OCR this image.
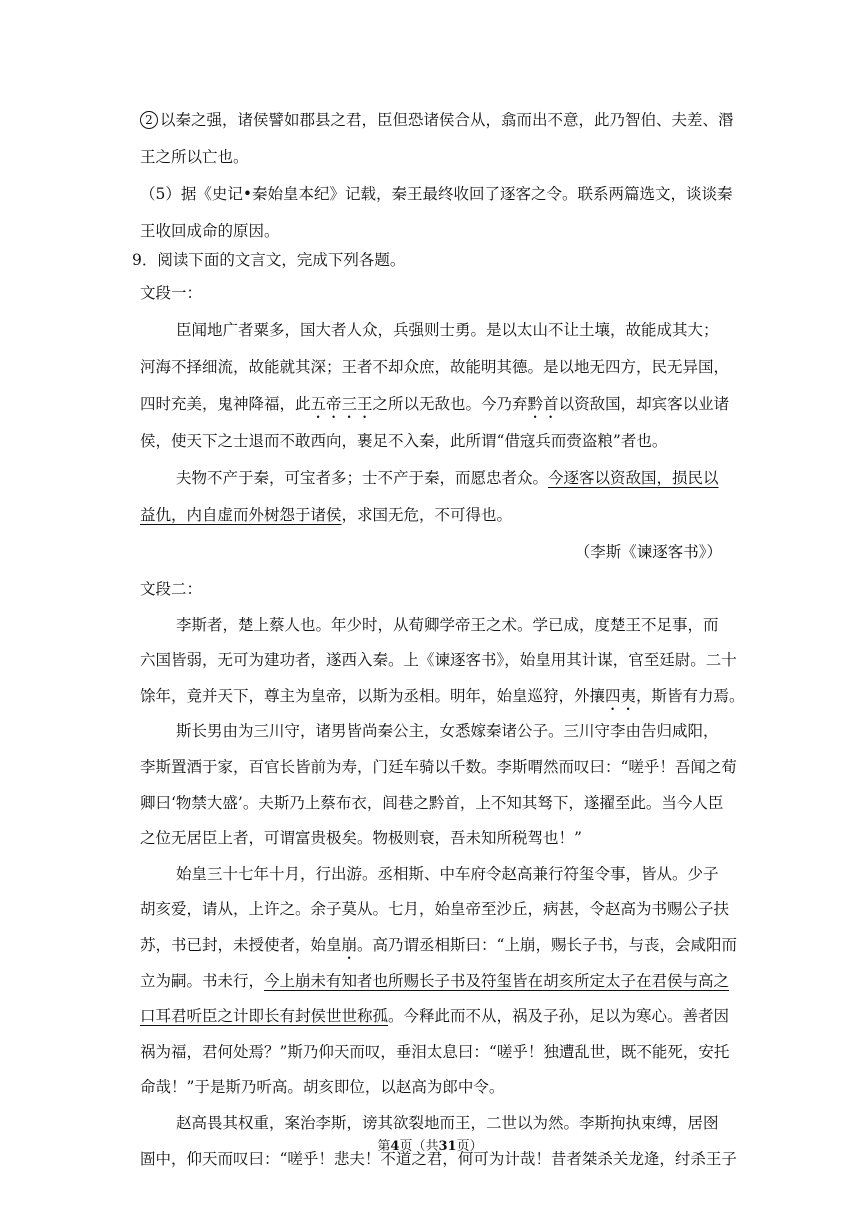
2 以秦之强，诸侯譬如郡县之君，臣但恐诸侯合从，翕而出不意，此乃智伯、夫差、湣
王之所以亡也。
（5）据《史记•秦始皇本纪》记载，秦王最终收回了逐客之令。联系两篇选文，谈谈秦
王收回成命的原因。
9．阅读下面的文言文，完成下列各题。
文段一：
臣闻地广者粟多，国大者人众，兵强则士勇。是以太山不让土壤，故能成其大；
河海不择细流，故能就其深；王者不却众庶，故能明其德。是以地无四方，民无异国，
四时充美，鬼神降福，此五帝三王之所以无敌也。今乃弃黔首以资敌国，却宾客以业诸
侯，使天下之士退而不敢西向，裹足不入秦，此所谓“借寇兵而赍盗粮”者也。
夫物不产于秦，可宝者多；士不产于秦，而愿忠者众。今逐客以资敌国，损民以
益仇，内自虚而外树怨于诸侯，求国无危，不可得也。
（李斯《谏逐客书》）
文段二：
李斯者，楚上蔡人也。年少时，从荀卿学帝王之术。学已成，度楚王不足事，而
六国皆弱，无可为建功者，遂西入秦。上《谏逐客书》，始皇用其计谋，官至廷尉。二十
馀年，竟并天下，尊主为皇帝，以斯为丞相。明年，始皇巡狩，外攘四夷，斯皆有力焉。
斯长男由为三川守，诸男皆尚秦公主，女悉嫁秦诸公子。三川守李由告归咸阳，
李斯置酒于家，百官长皆前为寿，门廷车骑以千数。李斯喟然而叹曰：“嗟乎！吾闻之荀
卿曰‘物禁大盛’。夫斯乃上蔡布衣，闾巷之黔首，上不知其驽下，遂擢至此。当今人臣
之位无居臣上者，可谓富贵极矣。物极则衰，吾未知所税驾也！”
始皇三十七年十月，行出游。丞相斯、中车府令赵高兼行符玺令事，皆从。少子
胡亥爱，请从，上许之。余子莫从。七月，始皇帝至沙丘，病甚，令赵高为书赐公子扶
苏，书已封，未授使者，始皇崩。高乃谓丞相斯曰：“上崩，赐长子书，与丧，会咸阳而
立为嗣。书未行，今上崩未有知者也所赐长子书及符玺皆在胡亥所定太子在君侯与高之
口耳君听臣之计即长有封侯世世称孤。今释此而不从，祸及子孙，足以为寒心。善者因
祸为福，君何处焉？”斯乃仰天而叹，垂泪太息曰：“嗟乎！独遭乱世，既不能死，安托
命哉！”于是斯乃听高。胡亥即位，以赵高为郎中令。
赵高畏其权重，案治李斯，谤其欲裂地而王，二世以为然。李斯拘执束缚，居囹
圄中，仰天而叹曰：“嗟乎！悲夫！不道之君，何可为计哉！昔者桀杀关龙逄，纣杀王子
第4页（共31页）
